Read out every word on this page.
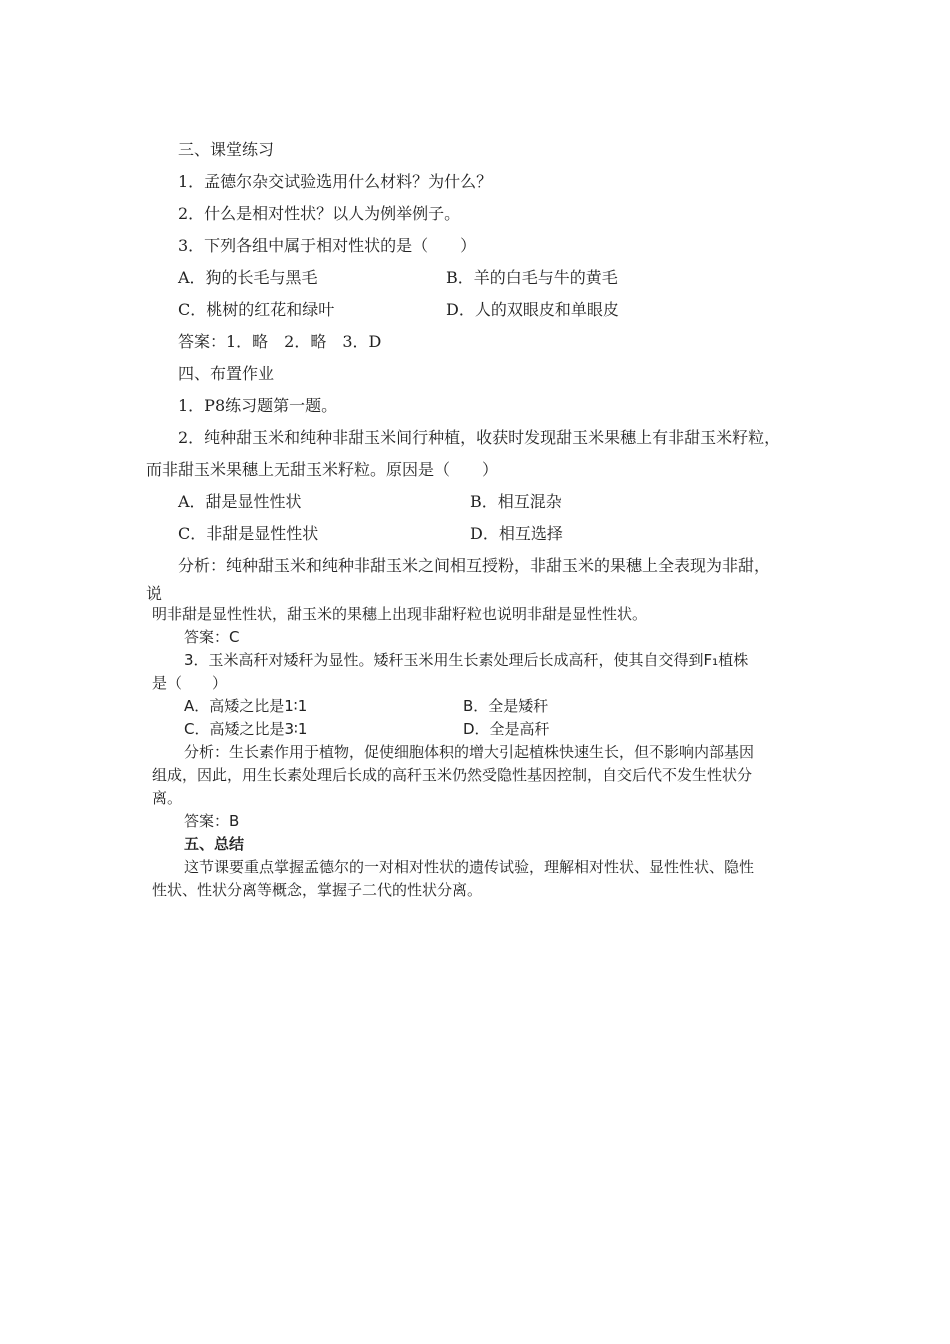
三、课堂练习
1．孟德尔杂交试验选用什么材料？为什么？
2．什么是相对性状？以人为例举例子。
3．下列各组中属于相对性状的是（　　）
A．狗的长毛与黑毛	B．羊的白毛与牛的黄毛
C．桃树的红花和绿叶	D．人的双眼皮和单眼皮
答案：1．略　2．略　3．D
四、布置作业
1．P8练习题第一题。
2．纯种甜玉米和纯种非甜玉米间行种植，收获时发现甜玉米果穗上有非甜玉米籽粒，
而非甜玉米果穗上无甜玉米籽粒。原因是（　　）
A．甜是显性性状	B．相互混杂
C．非甜是显性性状	D．相互选择
分析：纯种甜玉米和纯种非甜玉米之间相互授粉，非甜玉米的果穗上全表现为非甜，
说
明非甜是显性性状，甜玉米的果穗上出现非甜籽粒也说明非甜是显性性状。
答案：C
3．玉米高秆对矮秆为显性。矮秆玉米用生长素处理后长成高秆，使其自交得到F₁植株
是（　　）
A．高矮之比是1∶1	B．全是矮秆
C．高矮之比是3∶1	D．全是高秆
分析：生长素作用于植物，促使细胞体积的增大引起植株快速生长，但不影响内部基因
组成，因此，用生长素处理后长成的高秆玉米仍然受隐性基因控制，自交后代不发生性状分
离。
答案：B
五、总结
这节课要重点掌握孟德尔的一对相对性状的遗传试验，理解相对性状、显性性状、隐性
性状、性状分离等概念，掌握子二代的性状分离。
